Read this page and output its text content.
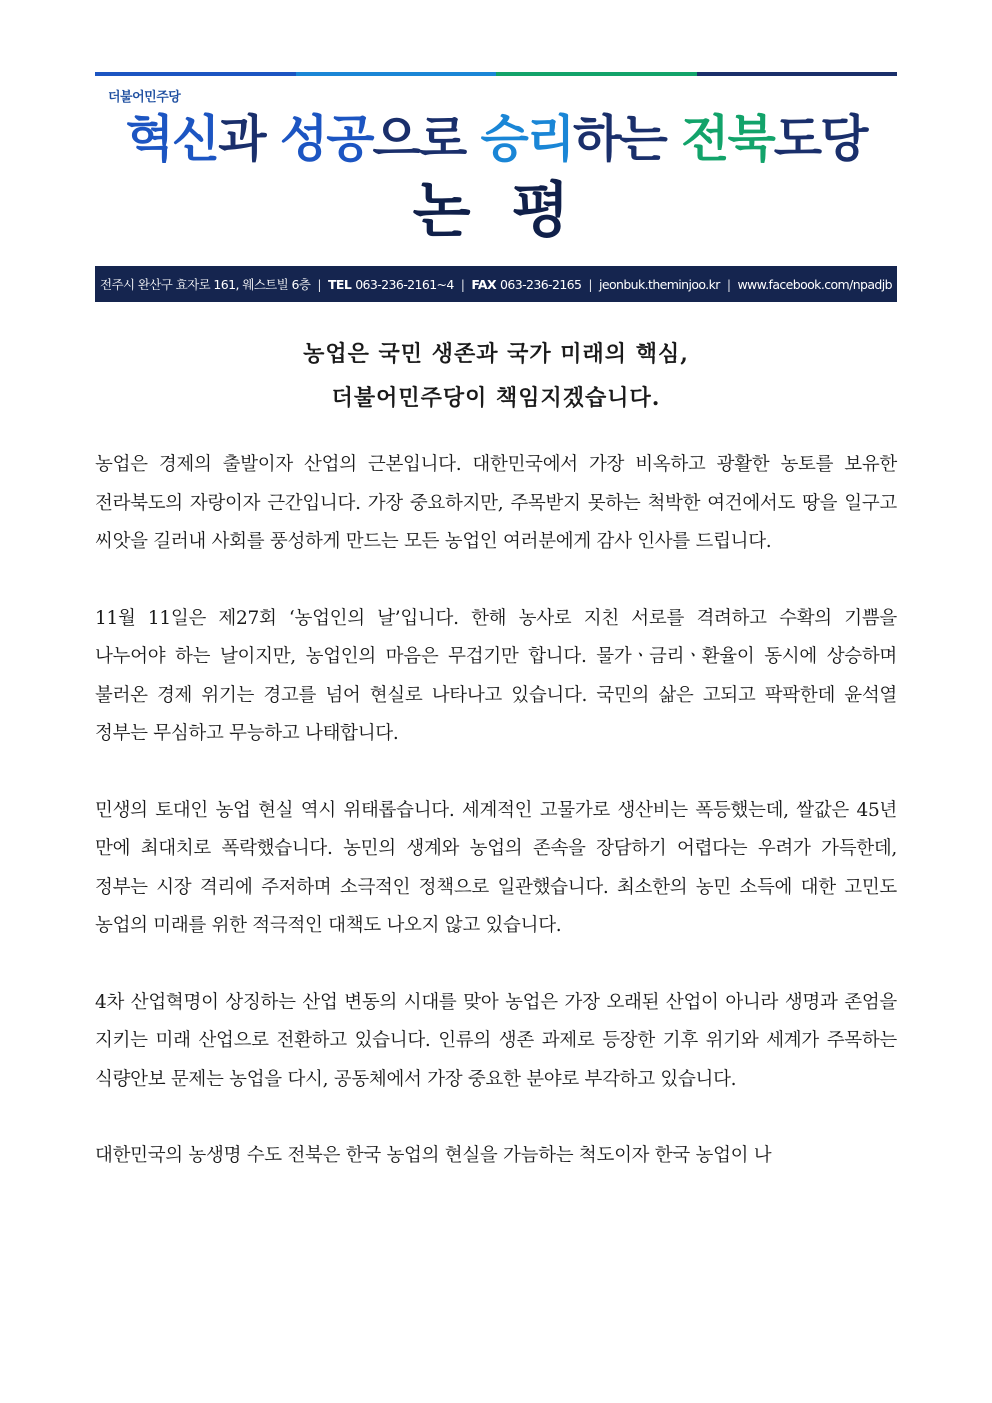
더불어민주당
혁신과 성공으로 승리하는 전북도당
논 평
전주시 완산구 효자로 161, 웨스트빌 6층 | TEL 063-236-2161~4 | FAX 063-236-2165 | jeonbuk.theminjoo.kr | www.facebook.com/npadjb
농업은 국민 생존과 국가 미래의 핵심,
더불어민주당이 책임지겠습니다.

농업은 경제의 출발이자 산업의 근본입니다. 대한민국에서 가장 비옥하고 광활한 농토를 보유한 전라북도의 자랑이자 근간입니다. 가장 중요하지만, 주목받지 못하는 척박한 여건에서도 땅을 일구고 씨앗을 길러내 사회를 풍성하게 만드는 모든 농업인 여러분에게 감사 인사를 드립니다.

11월 11일은 제27회 ‘농업인의 날’입니다. 한해 농사로 지친 서로를 격려하고 수확의 기쁨을 나누어야 하는 날이지만, 농업인의 마음은 무겁기만 합니다. 물가ㆍ금리ㆍ환율이 동시에 상승하며 불러온 경제 위기는 경고를 넘어 현실로 나타나고 있습니다. 국민의 삶은 고되고 팍팍한데 윤석열 정부는 무심하고 무능하고 나태합니다.

민생의 토대인 농업 현실 역시 위태롭습니다. 세계적인 고물가로 생산비는 폭등했는데, 쌀값은 45년 만에 최대치로 폭락했습니다. 농민의 생계와 농업의 존속을 장담하기 어렵다는 우려가 가득한데, 정부는 시장 격리에 주저하며 소극적인 정책으로 일관했습니다. 최소한의 농민 소득에 대한 고민도 농업의 미래를 위한 적극적인 대책도 나오지 않고 있습니다.

4차 산업혁명이 상징하는 산업 변동의 시대를 맞아 농업은 가장 오래된 산업이 아니라 생명과 존엄을 지키는 미래 산업으로 전환하고 있습니다. 인류의 생존 과제로 등장한 기후 위기와 세계가 주목하는 식량안보 문제는 농업을 다시, 공동체에서 가장 중요한 분야로 부각하고 있습니다.

대한민국의 농생명 수도 전북은 한국 농업의 현실을 가늠하는 척도이자 한국 농업이 나
